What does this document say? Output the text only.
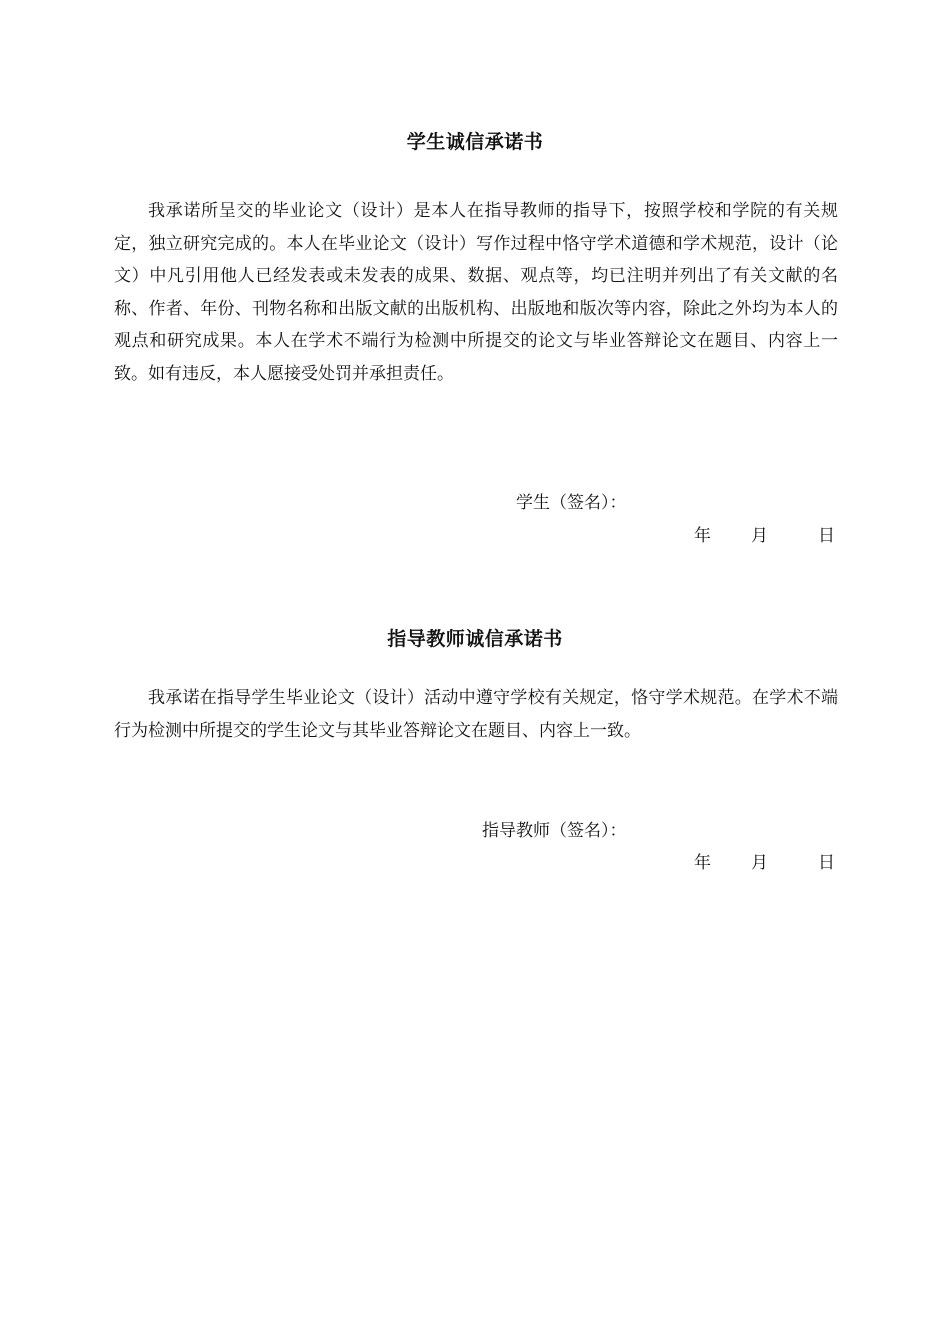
学生诚信承诺书

我承诺所呈交的毕业论文（设计）是本人在指导教师的指导下，按照学校和学院的有关规定，独立研究完成的。本人在毕业论文（设计）写作过程中恪守学术道德和学术规范，设计（论文）中凡引用他人已经发表或未发表的成果、数据、观点等，均已注明并列出了有关文献的名称、作者、年份、刊物名称和出版文献的出版机构、出版地和版次等内容，除此之外均为本人的观点和研究成果。本人在学术不端行为检测中所提交的论文与毕业答辩论文在题目、内容上一致。如有违反，本人愿接受处罚并承担责任。

学生（签名）：
年 月	日
指导教师诚信承诺书

我承诺在指导学生毕业论文（设计）活动中遵守学校有关规定，恪守学术规范。在学术不端行为检测中所提交的学生论文与其毕业答辩论文在题目、内容上一致。

指导教师（签名）：
年 月	日
